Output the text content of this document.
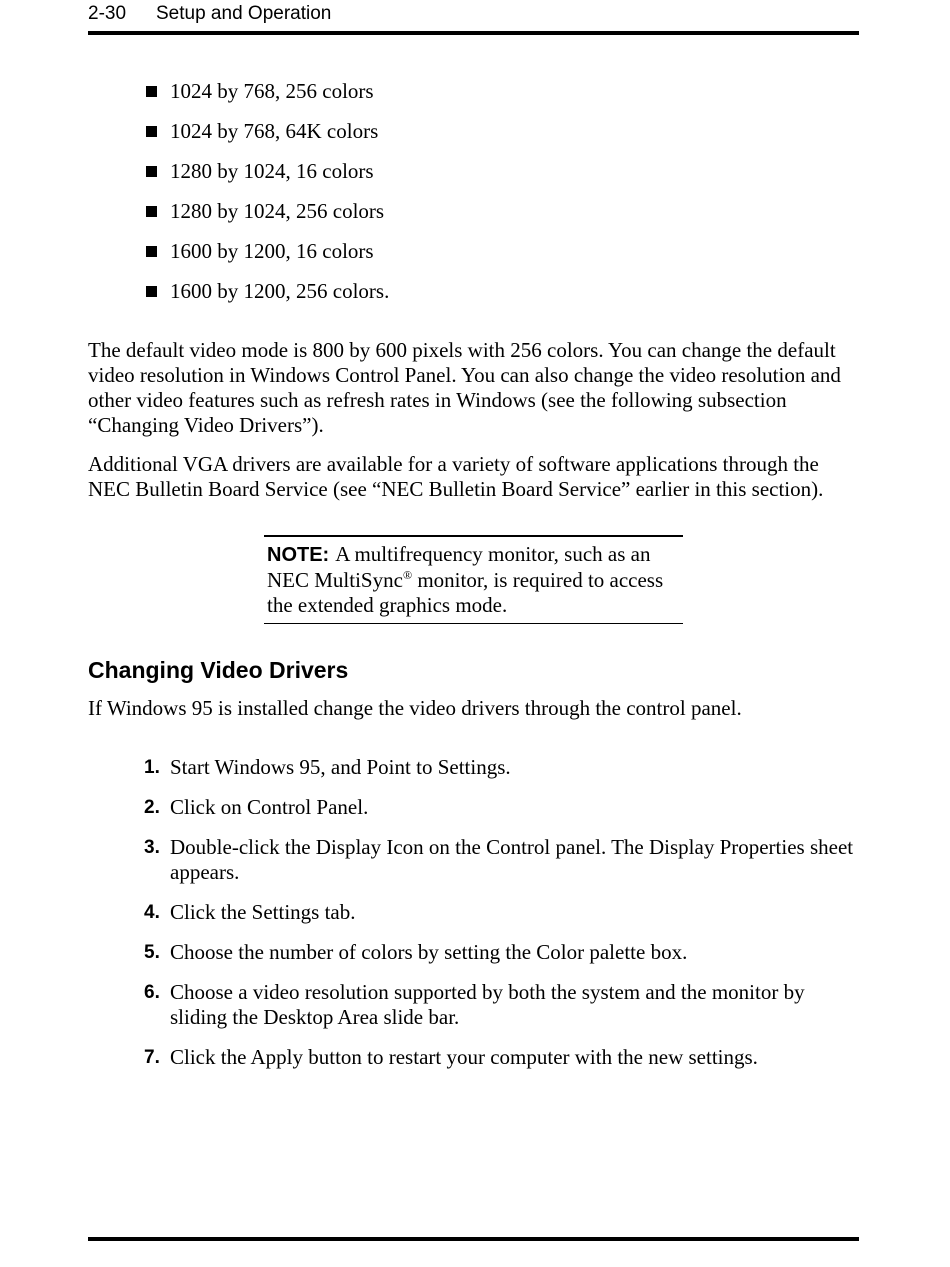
2-30 Setup and Operation
1024 by 768, 256 colors
1024 by 768, 64K colors
1280 by 1024, 16 colors
1280 by 1024, 256 colors
1600 by 1200, 16 colors
1600 by 1200, 256 colors.

The default video mode is 800 by 600 pixels with 256 colors. You can change the default video resolution in Windows Control Panel. You can also change the video resolution and other video features such as refresh rates in Windows (see the following subsection “Changing Video Drivers”).

Additional VGA drivers are available for a variety of software applications through the NEC Bulletin Board Service (see “NEC Bulletin Board Service” earlier in this section).

NOTE: A multifrequency monitor, such as an NEC MultiSync® monitor, is required to access the extended graphics mode.
Changing Video Drivers

If Windows 95 is installed change the video drivers through the control panel.

1. Start Windows 95, and Point to Settings.
2. Click on Control Panel.
3. Double-click the Display Icon on the Control panel. The Display Properties sheet appears.
4. Click the Settings tab.
5. Choose the number of colors by setting the Color palette box.
6. Choose a video resolution supported by both the system and the monitor by sliding the Desktop Area slide bar.
7. Click the Apply button to restart your computer with the new settings.
